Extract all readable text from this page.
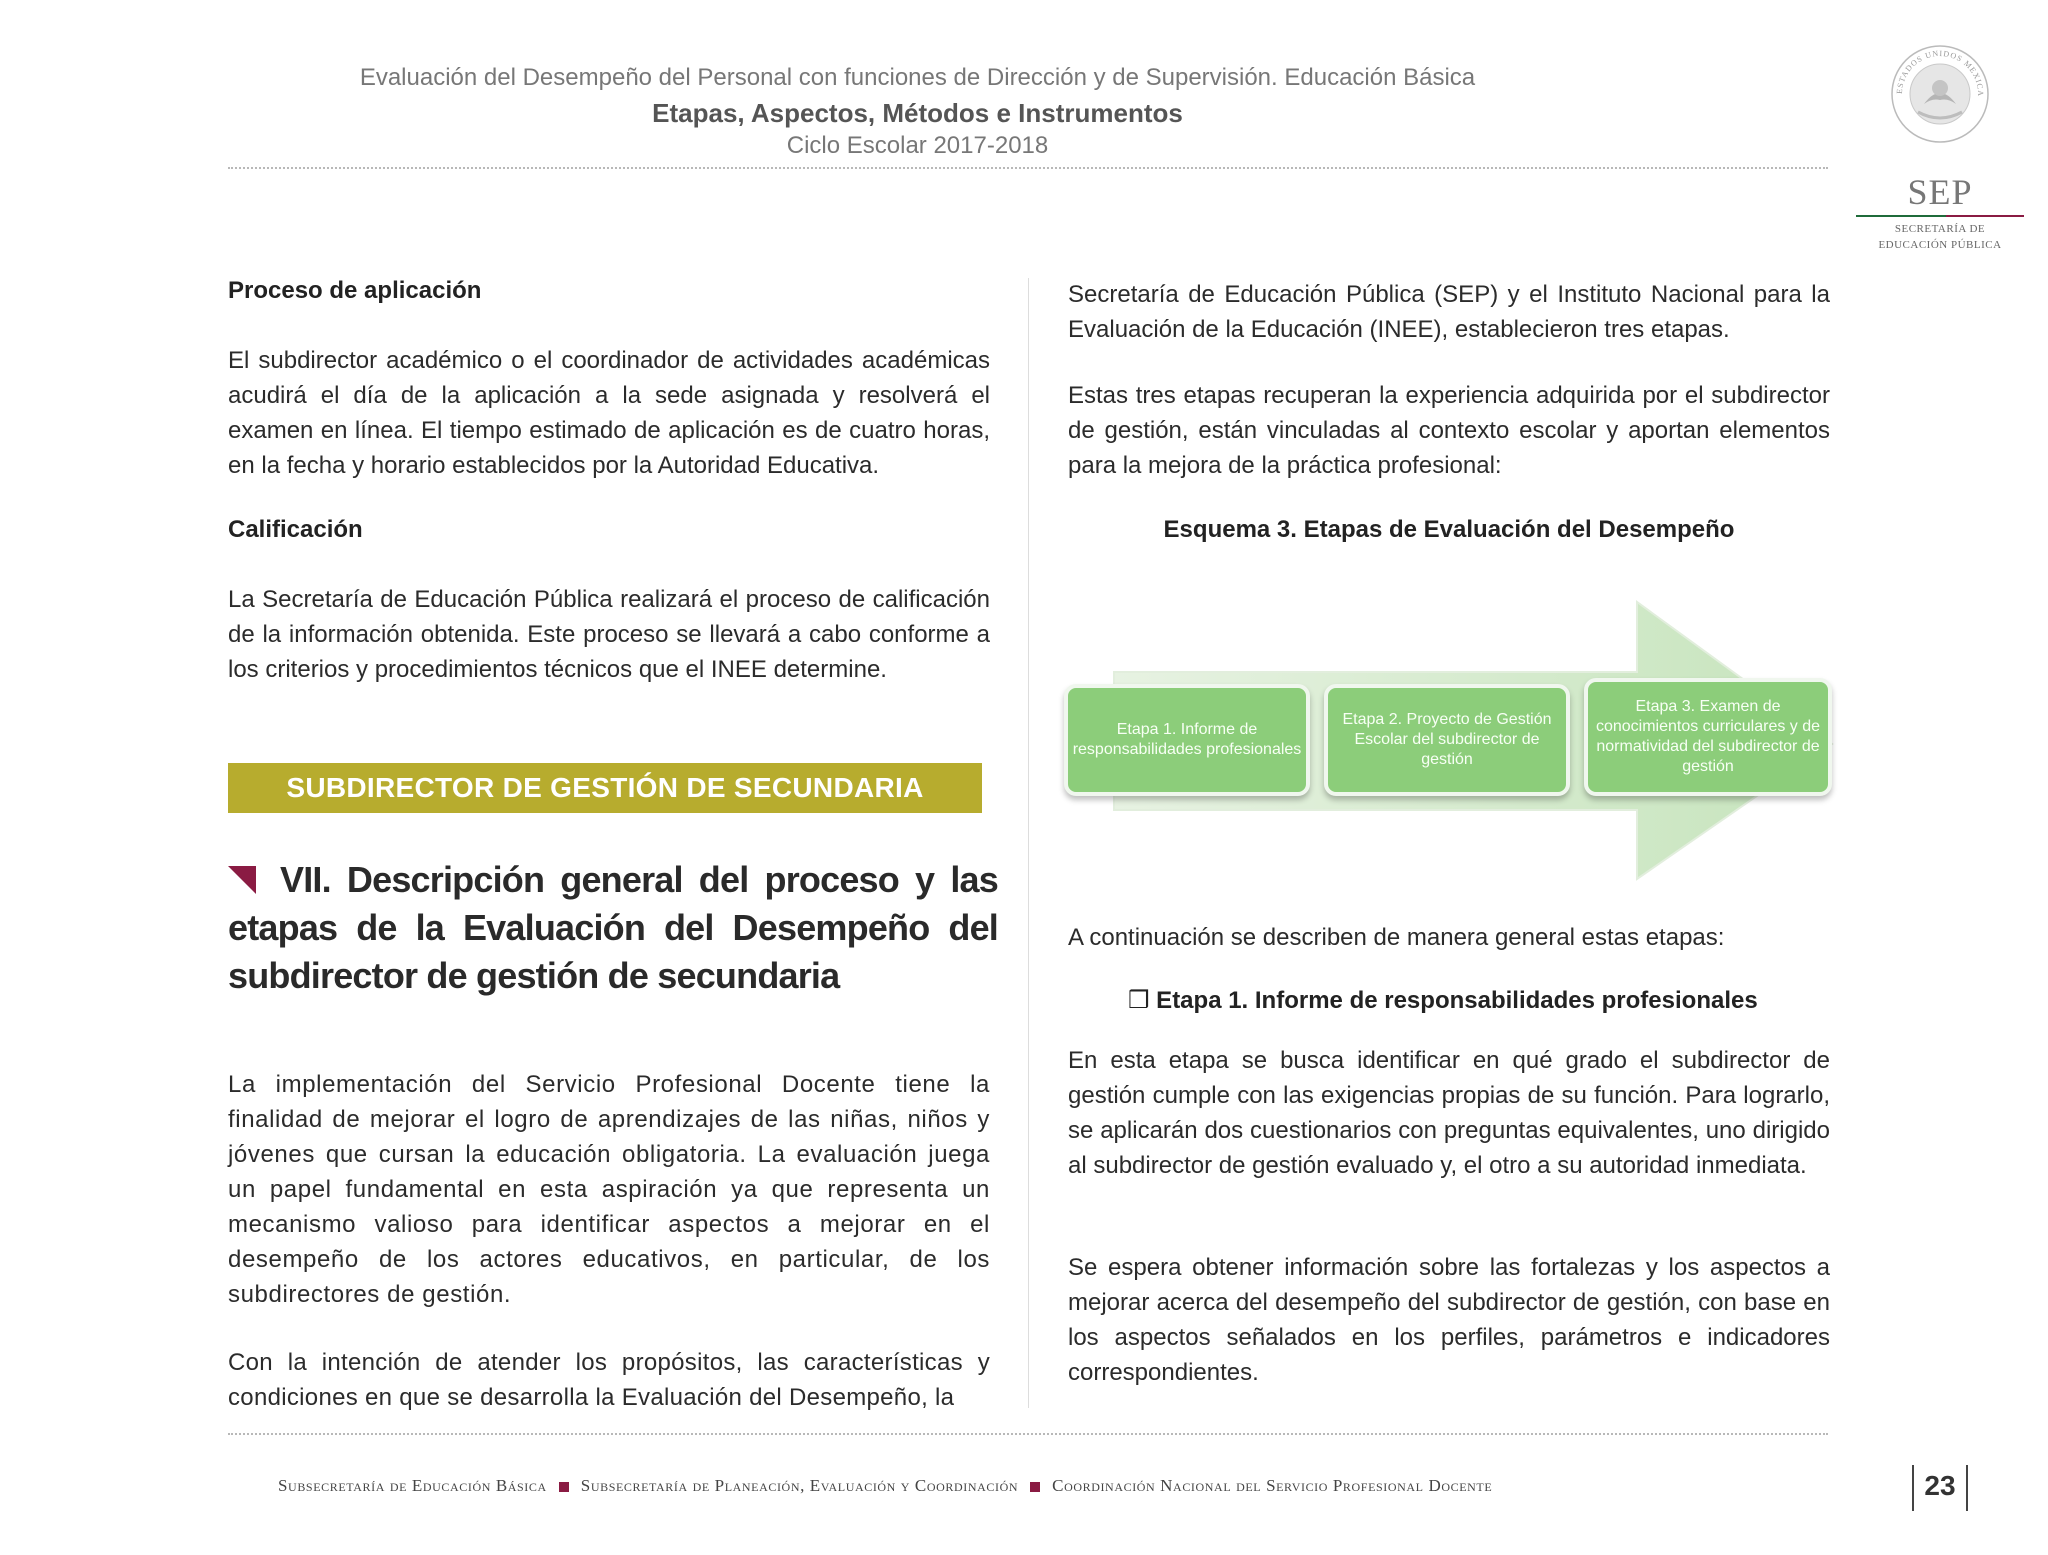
Evaluación del Desempeño del Personal con funciones de Dirección y de Supervisión. Educación Básica
Etapas, Aspectos, Métodos e Instrumentos
Ciclo Escolar 2017-2018
ESTADOS UNIDOS MEXICA
SEP
SECRETARÍA DE
EDUCACIÓN PÚBLICA
Proceso de aplicación
El subdirector académico o el coordinador de actividades académicas acudirá el día de la aplicación a la sede asignada y resolverá el examen en línea. El tiempo estimado de aplicación es de cuatro horas, en la fecha y horario establecidos por la Autoridad Educativa.
Calificación
La Secretaría de Educación Pública realizará el proceso de calificación de la información obtenida. Este proceso se llevará a cabo conforme a los criterios y procedimientos técnicos que el INEE determine.
SUBDIRECTOR DE GESTIÓN DE SECUNDARIA
VII. Descripción general del proceso y las etapas de la Evaluación del Desempeño del subdirector de gestión de secundaria
La implementación del Servicio Profesional Docente tiene la finalidad de mejorar el logro de aprendizajes de las niñas, niños y jóvenes que cursan la educación obligatoria. La evaluación juega un papel fundamental en esta aspiración ya que representa un mecanismo valioso para identificar aspectos a mejorar en el desempeño de los actores educativos, en particular, de los subdirectores de gestión.
Con la intención de atender los propósitos, las características y condiciones en que se desarrolla la Evaluación del Desempeño, la
Secretaría de Educación Pública (SEP) y el Instituto Nacional para la Evaluación de la Educación (INEE), establecieron tres etapas.
Estas tres etapas recuperan la experiencia adquirida por el subdirector de gestión, están vinculadas al contexto escolar y aportan elementos para la mejora de la práctica profesional:
Esquema 3. Etapas de Evaluación del Desempeño
Etapa 1. Informe de responsabilidades profesionales
Etapa 2. Proyecto de Gestión Escolar del subdirector de gestión
Etapa 3. Examen de conocimientos curriculares y de normatividad del subdirector de gestión
A continuación se describen de manera general estas etapas:
❒ Etapa 1. Informe de responsabilidades profesionales
En esta etapa se busca identificar en qué grado el subdirector de gestión cumple con las exigencias propias de su función. Para lograrlo, se aplicarán dos cuestionarios con preguntas equivalentes, uno dirigido al subdirector de gestión evaluado y, el otro a su autoridad inmediata.
Se espera obtener información sobre las fortalezas y los aspectos a mejorar acerca del desempeño del subdirector de gestión, con base en los aspectos señalados en los perfiles, parámetros e indicadores correspondientes.
Subsecretaría de Educación Básica Subsecretaría de Planeación, Evaluación y Coordinación Coordinación Nacional del Servicio Profesional Docente	23
